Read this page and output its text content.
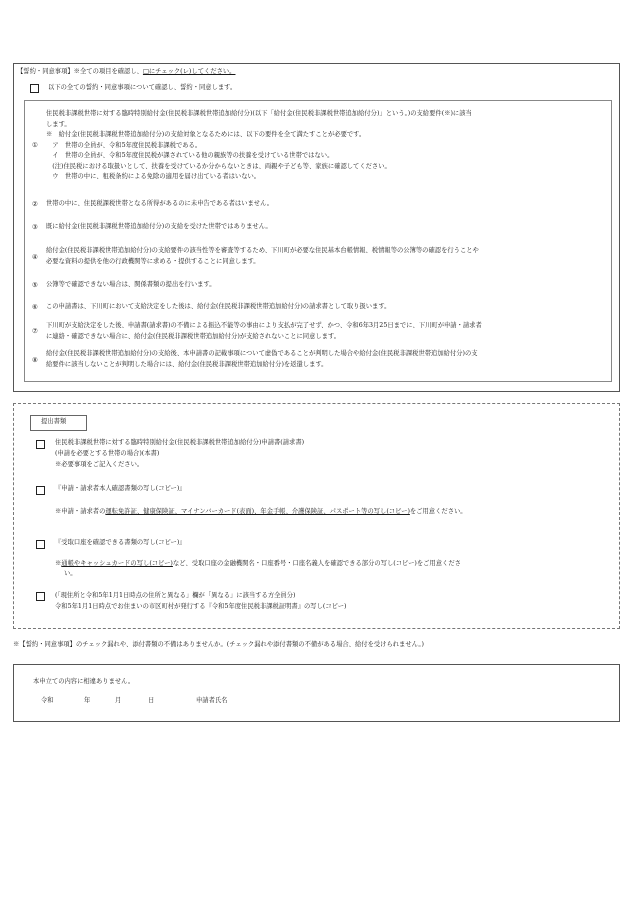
【誓約・同意事項】※全ての項目を確認し、□にチェック(レ)してください。
以下の全ての誓約・同意事項について確認し、誓約・同意します。
①
住民税非課税世帯に対する臨時特別給付金(住民税非課税世帯追加給付分)(以下「給付金(住民税非課税世帯追加給付分)」という。)の支給要件(※)に該当
します。
※　給付金(住民税非課税世帯追加給付分)の支給対象となるためには、以下の要件を全て満たすことが必要です。
　ア　世帯の全員が、令和5年度住民税非課税である。
　イ　世帯の全員が、令和5年度住民税が課されている他の親族等の扶養を受けている世帯ではない。
　(注)住民税における取扱いとして、扶養を受けているか分からないときは、両親や子ども等、家族に確認してください。
　ウ　世帯の中に、租税条約による免除の適用を届け出ている者はいない。
② 世帯の中に、住民税課税世帯となる所得があるのに未申告である者はいません。
③ 既に給付金(住民税非課税世帯追加給付分)の支給を受けた世帯ではありません。
④
給付金(住民税非課税世帯追加給付分)の支給要件の該当性等を審査等するため、下川町が必要な住民基本台帳情報、税情報等の公簿等の確認を行うことや
必要な資料の提供を他の行政機関等に求める・提供することに同意します。
⑤ 公簿等で確認できない場合は、関係書類の提出を行います。
⑥ この申請書は、下川町において支給決定をした後は、給付金(住民税非課税世帯追加給付分)の請求書として取り扱います。
⑦
下川町が支給決定をした後、申請書(請求書)の不備による振込不能等の事由により支払が完了せず、かつ、令和6年3月25日までに、下川町が申請・請求者
に連絡・確認できない場合に、給付金(住民税非課税世帯追加給付分)が支給されないことに同意します。
⑧
給付金(住民税非課税世帯追加給付分)の支給後、本申請書の記載事項について虚偽であることが判明した場合や給付金(住民税非課税世帯追加給付分)の支
給要件に該当しないことが判明した場合には、給付金(住民税非課税世帯追加給付分)を返還します。
提出書類
住民税非課税世帯に対する臨時特別給付金(住民税非課税世帯追加給付分)申請書(請求書)
(申請を必要とする世帯の場合)(本書)
※必要事項をご記入ください。
『申請・請求者本人確認書類の写し(コピー)』
※申請・請求者の運転免許証、健康保険証、マイナンバーカード(表面)、年金手帳、介護保険証、パスポート等の写し(コピー)をご用意ください。
『受取口座を確認できる書類の写し(コピー)』
※通帳やキャッシュカードの写し(コピー)など、受取口座の金融機関名・口座番号・口座名義人を確認できる部分の写し(コピー)をご用意くださ
い。
(「現住所と令和5年1月1日時点の住所と異なる」欄が「異なる」に該当する方全員分)
令和5年1月1日時点でお住まいの市区町村が発行する『令和5年度住民税非課税証明書』の写し(コピー)
※【誓約・同意事項】のチェック漏れや、添付書類の不備はありませんか。(チェック漏れや添付書類の不備がある場合、給付を受けられません。)
本申立ての内容に相違ありません。
令和	年	月	日	申請者氏名
